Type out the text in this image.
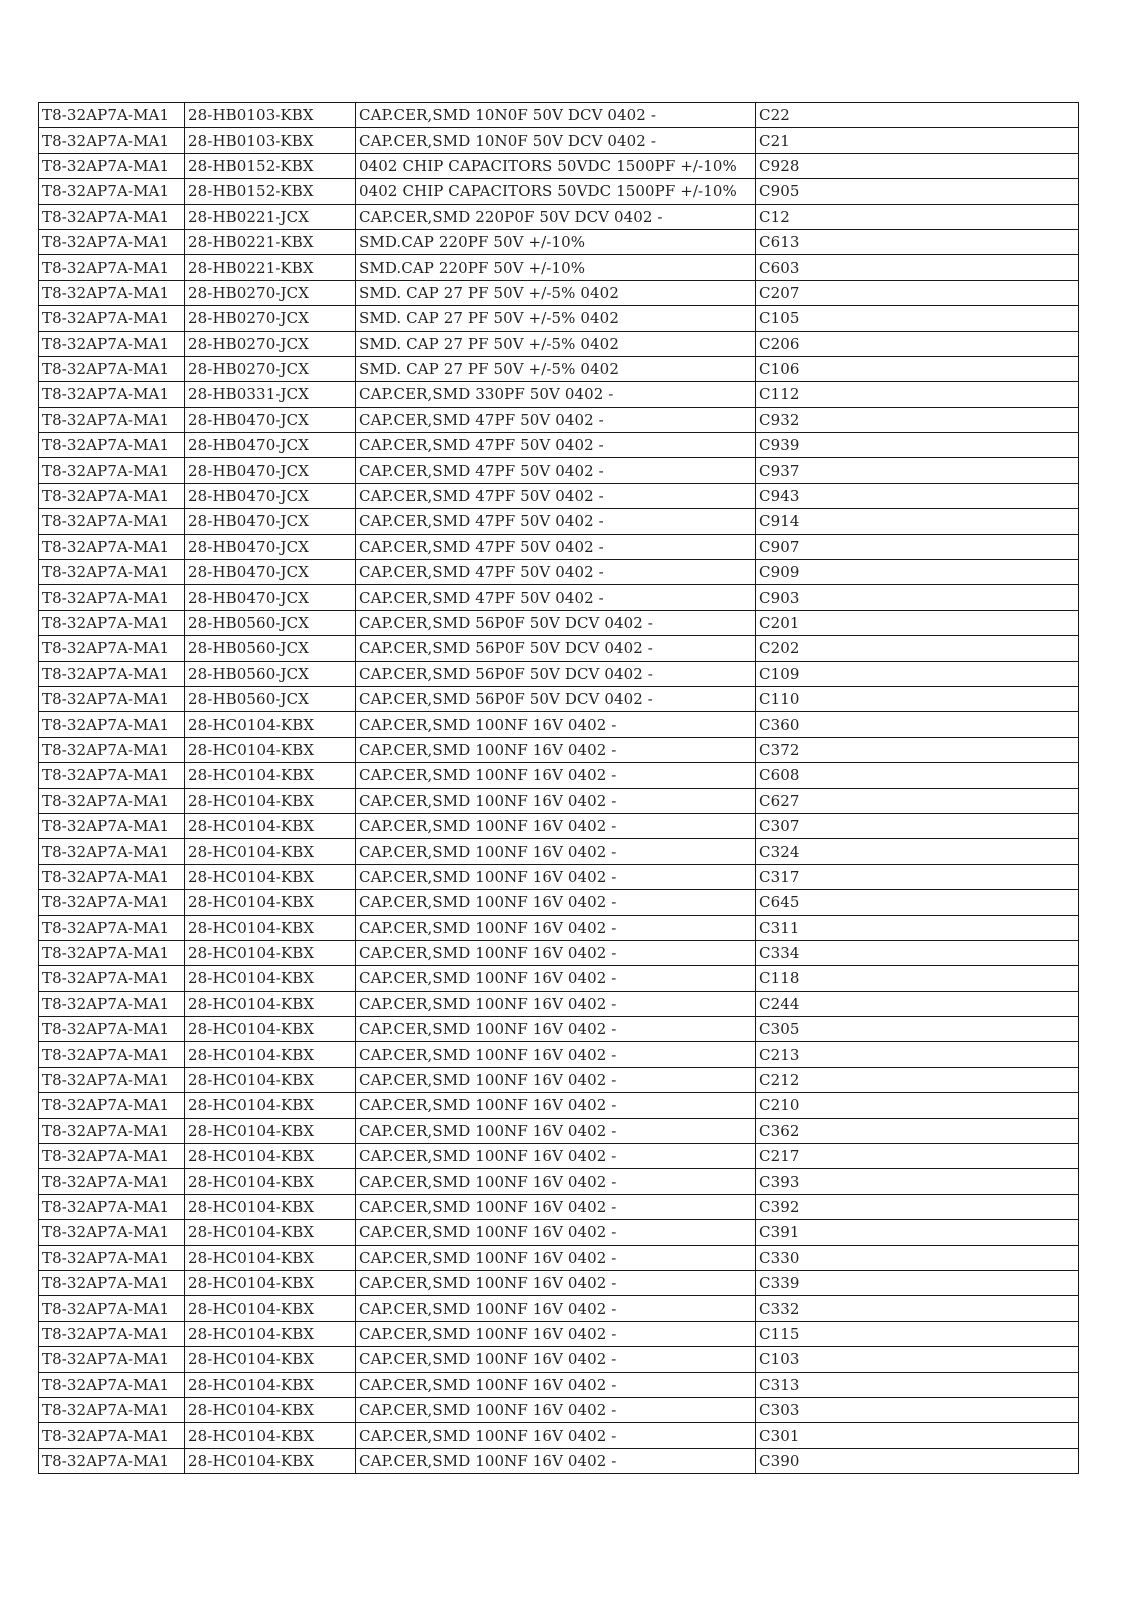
T8-32AP7A-MA1	28-HB0103-KBX	CAP.CER,SMD 10N0F 50V DCV 0402 -	C22
T8-32AP7A-MA1	28-HB0103-KBX	CAP.CER,SMD 10N0F 50V DCV 0402 -	C21
T8-32AP7A-MA1	28-HB0152-KBX	0402 CHIP CAPACITORS 50VDC 1500PF +/-10%	C928
T8-32AP7A-MA1	28-HB0152-KBX	0402 CHIP CAPACITORS 50VDC 1500PF +/-10%	C905
T8-32AP7A-MA1	28-HB0221-JCX	CAP.CER,SMD 220P0F 50V DCV 0402 -	C12
T8-32AP7A-MA1	28-HB0221-KBX	SMD.CAP 220PF 50V +/-10%	C613
T8-32AP7A-MA1	28-HB0221-KBX	SMD.CAP 220PF 50V +/-10%	C603
T8-32AP7A-MA1	28-HB0270-JCX	SMD. CAP 27 PF 50V +/-5% 0402	C207
T8-32AP7A-MA1	28-HB0270-JCX	SMD. CAP 27 PF 50V +/-5% 0402	C105
T8-32AP7A-MA1	28-HB0270-JCX	SMD. CAP 27 PF 50V +/-5% 0402	C206
T8-32AP7A-MA1	28-HB0270-JCX	SMD. CAP 27 PF 50V +/-5% 0402	C106
T8-32AP7A-MA1	28-HB0331-JCX	CAP.CER,SMD 330PF 50V 0402 -	C112
T8-32AP7A-MA1	28-HB0470-JCX	CAP.CER,SMD 47PF 50V 0402 -	C932
T8-32AP7A-MA1	28-HB0470-JCX	CAP.CER,SMD 47PF 50V 0402 -	C939
T8-32AP7A-MA1	28-HB0470-JCX	CAP.CER,SMD 47PF 50V 0402 -	C937
T8-32AP7A-MA1	28-HB0470-JCX	CAP.CER,SMD 47PF 50V 0402 -	C943
T8-32AP7A-MA1	28-HB0470-JCX	CAP.CER,SMD 47PF 50V 0402 -	C914
T8-32AP7A-MA1	28-HB0470-JCX	CAP.CER,SMD 47PF 50V 0402 -	C907
T8-32AP7A-MA1	28-HB0470-JCX	CAP.CER,SMD 47PF 50V 0402 -	C909
T8-32AP7A-MA1	28-HB0470-JCX	CAP.CER,SMD 47PF 50V 0402 -	C903
T8-32AP7A-MA1	28-HB0560-JCX	CAP.CER,SMD 56P0F 50V DCV 0402 -	C201
T8-32AP7A-MA1	28-HB0560-JCX	CAP.CER,SMD 56P0F 50V DCV 0402 -	C202
T8-32AP7A-MA1	28-HB0560-JCX	CAP.CER,SMD 56P0F 50V DCV 0402 -	C109
T8-32AP7A-MA1	28-HB0560-JCX	CAP.CER,SMD 56P0F 50V DCV 0402 -	C110
T8-32AP7A-MA1	28-HC0104-KBX	CAP.CER,SMD 100NF 16V 0402 -	C360
T8-32AP7A-MA1	28-HC0104-KBX	CAP.CER,SMD 100NF 16V 0402 -	C372
T8-32AP7A-MA1	28-HC0104-KBX	CAP.CER,SMD 100NF 16V 0402 -	C608
T8-32AP7A-MA1	28-HC0104-KBX	CAP.CER,SMD 100NF 16V 0402 -	C627
T8-32AP7A-MA1	28-HC0104-KBX	CAP.CER,SMD 100NF 16V 0402 -	C307
T8-32AP7A-MA1	28-HC0104-KBX	CAP.CER,SMD 100NF 16V 0402 -	C324
T8-32AP7A-MA1	28-HC0104-KBX	CAP.CER,SMD 100NF 16V 0402 -	C317
T8-32AP7A-MA1	28-HC0104-KBX	CAP.CER,SMD 100NF 16V 0402 -	C645
T8-32AP7A-MA1	28-HC0104-KBX	CAP.CER,SMD 100NF 16V 0402 -	C311
T8-32AP7A-MA1	28-HC0104-KBX	CAP.CER,SMD 100NF 16V 0402 -	C334
T8-32AP7A-MA1	28-HC0104-KBX	CAP.CER,SMD 100NF 16V 0402 -	C118
T8-32AP7A-MA1	28-HC0104-KBX	CAP.CER,SMD 100NF 16V 0402 -	C244
T8-32AP7A-MA1	28-HC0104-KBX	CAP.CER,SMD 100NF 16V 0402 -	C305
T8-32AP7A-MA1	28-HC0104-KBX	CAP.CER,SMD 100NF 16V 0402 -	C213
T8-32AP7A-MA1	28-HC0104-KBX	CAP.CER,SMD 100NF 16V 0402 -	C212
T8-32AP7A-MA1	28-HC0104-KBX	CAP.CER,SMD 100NF 16V 0402 -	C210
T8-32AP7A-MA1	28-HC0104-KBX	CAP.CER,SMD 100NF 16V 0402 -	C362
T8-32AP7A-MA1	28-HC0104-KBX	CAP.CER,SMD 100NF 16V 0402 -	C217
T8-32AP7A-MA1	28-HC0104-KBX	CAP.CER,SMD 100NF 16V 0402 -	C393
T8-32AP7A-MA1	28-HC0104-KBX	CAP.CER,SMD 100NF 16V 0402 -	C392
T8-32AP7A-MA1	28-HC0104-KBX	CAP.CER,SMD 100NF 16V 0402 -	C391
T8-32AP7A-MA1	28-HC0104-KBX	CAP.CER,SMD 100NF 16V 0402 -	C330
T8-32AP7A-MA1	28-HC0104-KBX	CAP.CER,SMD 100NF 16V 0402 -	C339
T8-32AP7A-MA1	28-HC0104-KBX	CAP.CER,SMD 100NF 16V 0402 -	C332
T8-32AP7A-MA1	28-HC0104-KBX	CAP.CER,SMD 100NF 16V 0402 -	C115
T8-32AP7A-MA1	28-HC0104-KBX	CAP.CER,SMD 100NF 16V 0402 -	C103
T8-32AP7A-MA1	28-HC0104-KBX	CAP.CER,SMD 100NF 16V 0402 -	C313
T8-32AP7A-MA1	28-HC0104-KBX	CAP.CER,SMD 100NF 16V 0402 -	C303
T8-32AP7A-MA1	28-HC0104-KBX	CAP.CER,SMD 100NF 16V 0402 -	C301
T8-32AP7A-MA1	28-HC0104-KBX	CAP.CER,SMD 100NF 16V 0402 -	C390
